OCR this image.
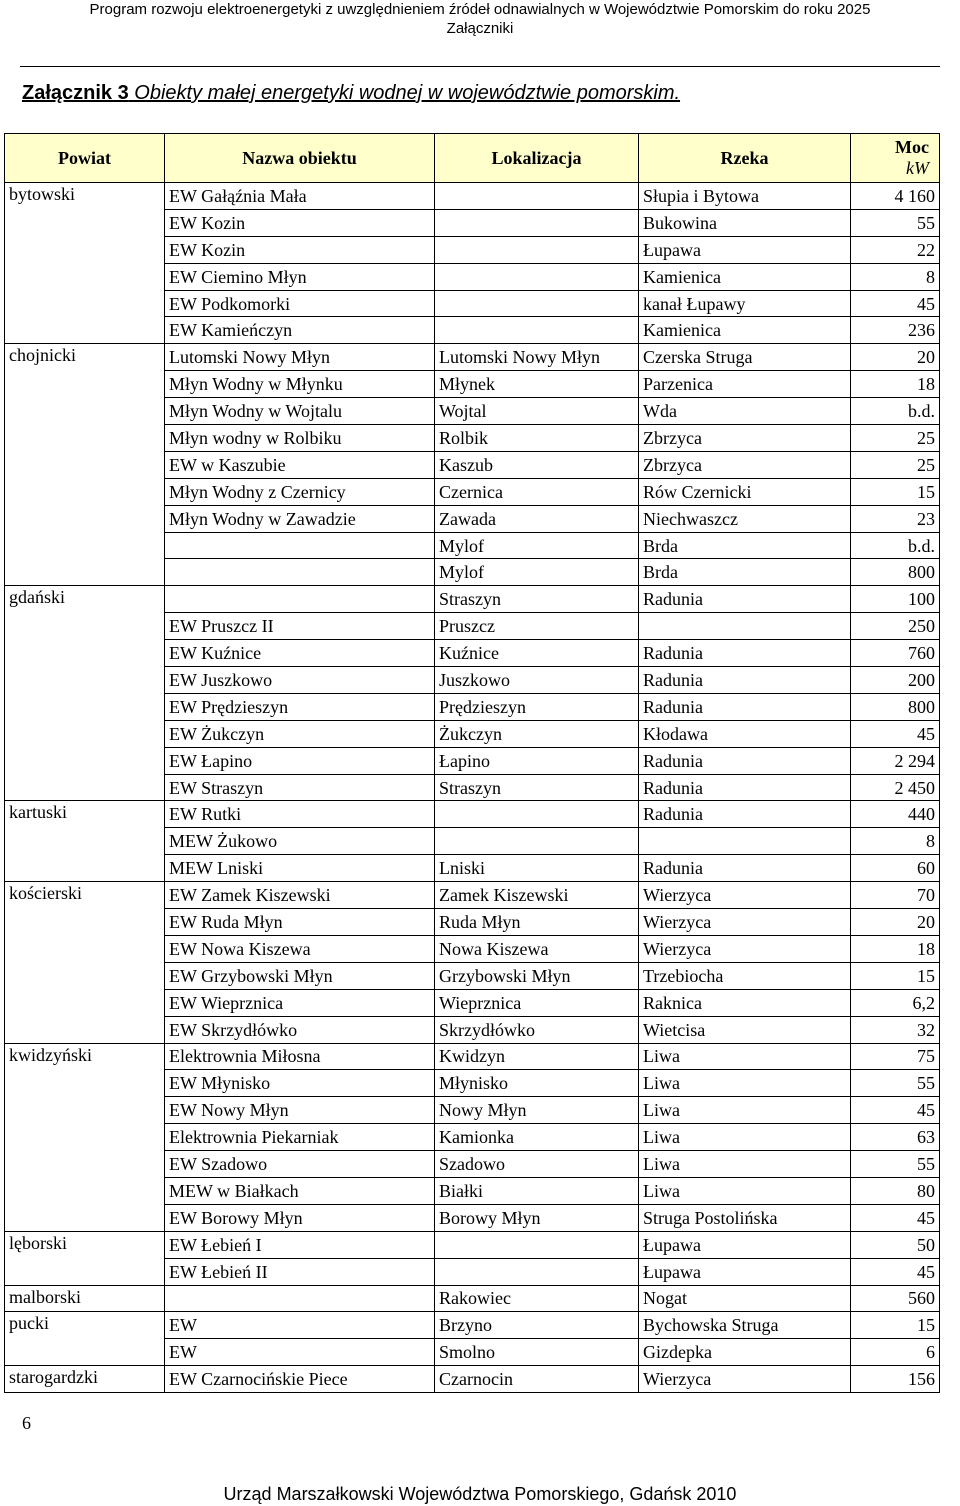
Program rozwoju elektroenergetyki z uwzględnieniem źródeł odnawialnych w Województwie Pomorskim do roku 2025
Załączniki
Załącznik 3 Obiekty małej energetyki wodnej w województwie pomorskim.
Powiat	Nazwa obiektu	Lokalizacja	Rzeka	Moc
kW

bytowski	EW Gałąźnia Mała		Słupia i Bytowa	4 160
	EW Kozin		Bukowina	55
	EW Kozin		Łupawa	22
	EW Ciemino Młyn		Kamienica	8
	EW Podkomorki		kanał Łupawy	45
	EW Kamieńczyn		Kamienica	236
chojnicki	Lutomski Nowy Młyn	Lutomski Nowy Młyn	Czerska Struga	20
	Młyn Wodny w Młynku	Młynek	Parzenica	18
	Młyn Wodny w Wojtalu	Wojtal	Wda	b.d.
	Młyn wodny w Rolbiku	Rolbik	Zbrzyca	25
	EW w Kaszubie	Kaszub	Zbrzyca	25
	Młyn Wodny z Czernicy	Czernica	Rów Czernicki	15
	Młyn Wodny w Zawadzie	Zawada	Niechwaszcz	23
		Mylof	Brda	b.d.
		Mylof	Brda	800
gdański		Straszyn	Radunia	100
	EW Pruszcz II	Pruszcz		250
	EW Kuźnice	Kuźnice	Radunia	760
	EW Juszkowo	Juszkowo	Radunia	200
	EW Prędzieszyn	Prędzieszyn	Radunia	800
	EW Żukczyn	Żukczyn	Kłodawa	45
	EW Łapino	Łapino	Radunia	2 294
	EW Straszyn	Straszyn	Radunia	2 450
kartuski	EW Rutki		Radunia	440
	MEW Żukowo			8
	MEW Lniski	Lniski	Radunia	60
kościerski	EW Zamek Kiszewski	Zamek Kiszewski	Wierzyca	70
	EW Ruda Młyn	Ruda Młyn	Wierzyca	20
	EW Nowa Kiszewa	Nowa Kiszewa	Wierzyca	18
	EW Grzybowski Młyn	Grzybowski Młyn	Trzebiocha	15
	EW Wieprznica	Wieprznica	Raknica	6,2
	EW Skrzydłówko	Skrzydłówko	Wietcisa	32
kwidzyński	Elektrownia Miłosna	Kwidzyn	Liwa	75
	EW Młynisko	Młynisko	Liwa	55
	EW Nowy Młyn	Nowy Młyn	Liwa	45
	Elektrownia Piekarniak	Kamionka	Liwa	63
	EW Szadowo	Szadowo	Liwa	55
	MEW w Białkach	Białki	Liwa	80
	EW Borowy Młyn	Borowy Młyn	Struga Postolińska	45
lęborski	EW Łebień I		Łupawa	50
	EW Łebień II		Łupawa	45
malborski		Rakowiec	Nogat	560
pucki	EW	Brzyno	Bychowska Struga	15
	EW	Smolno	Gizdepka	6
starogardzki	EW Czarnocińskie Piece	Czarnocin	Wierzyca	156
6
Urząd Marszałkowski Województwa Pomorskiego, Gdańsk 2010
